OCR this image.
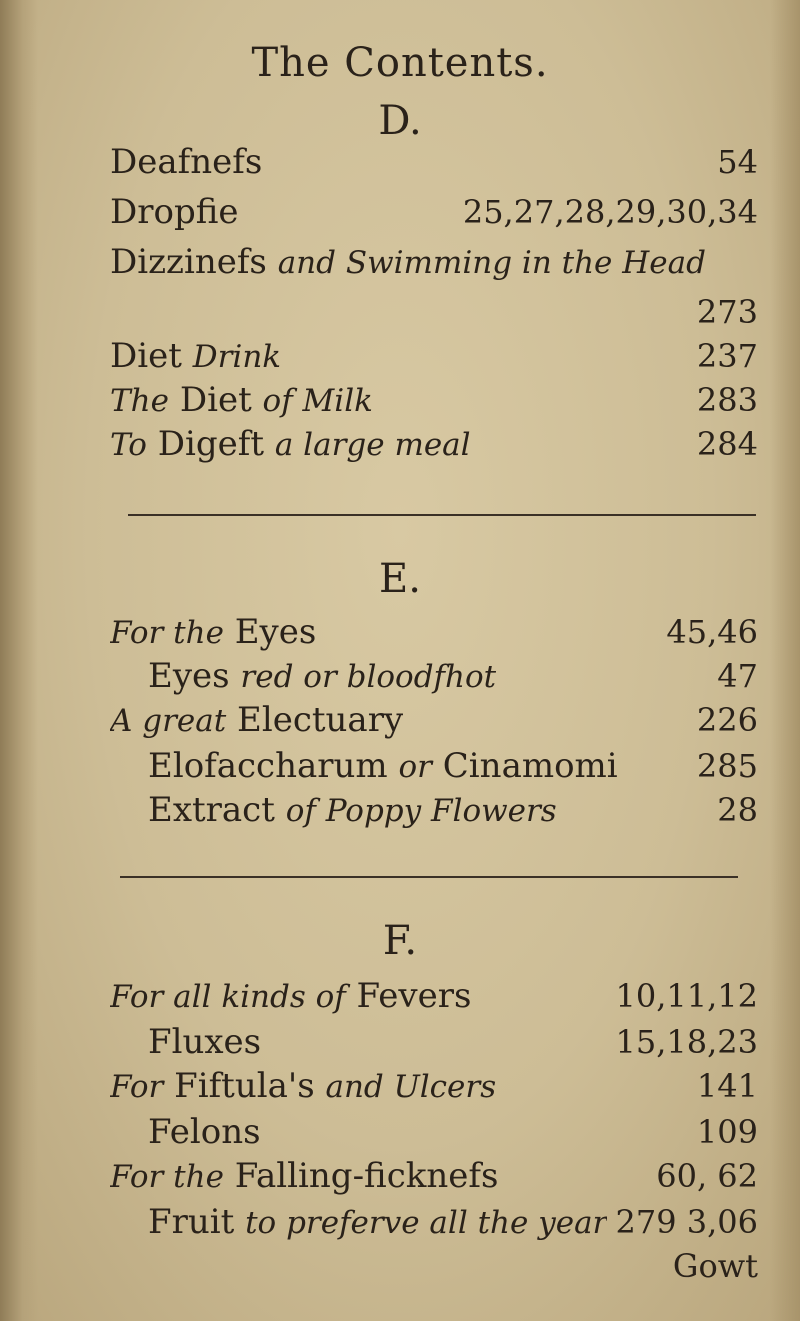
The Contents.
D.
Deafnefs	54
Dropfie	25,27,28,29,30,34
Dizzinefs and Swimming in the Head
273
Diet Drink	237
The Diet of Milk	283
To Digeft a large meal	284
E.
For the Eyes	45,46
Eyes red or bloodfhot	47
A great Electuary	226
Elofaccharum or Cinamomi 285
Extract of Poppy Flowers	28
F.
For all kinds of Fevers	10,11,12
Fluxes	15,18,23
For Fiftula's and Ulcers	141
Felons	109
For the Falling-ficknefs	60, 62
Fruit to preferve all the year 279 3,06
Gowt
